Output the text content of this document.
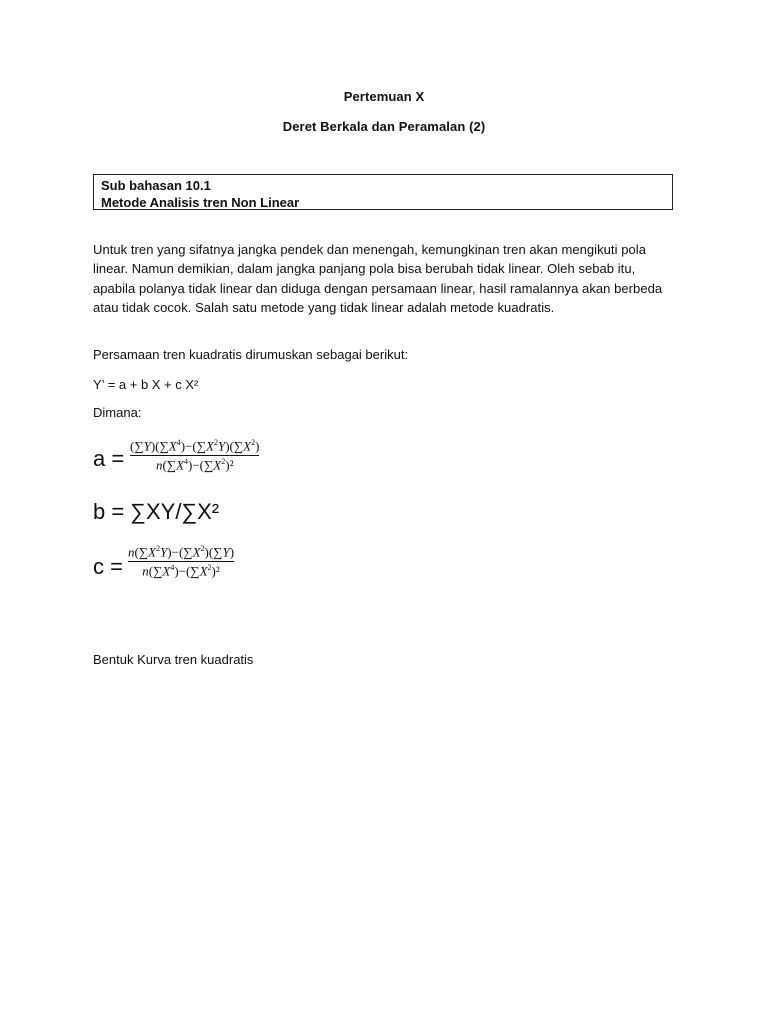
Pertemuan X
Deret Berkala dan Peramalan (2)
Sub bahasan 10.1
Metode Analisis tren Non Linear
Untuk tren yang sifatnya jangka pendek dan menengah, kemungkinan tren akan mengikuti pola linear. Namun demikian, dalam jangka panjang pola bisa berubah tidak linear. Oleh sebab itu, apabila polanya tidak linear dan diduga dengan persamaan linear, hasil ramalannya akan berbeda atau tidak cocok. Salah satu metode yang tidak linear adalah metode kuadratis.
Persamaan tren kuadratis dirumuskan sebagai berikut:
Y’ = a + b X + c X²
Dimana:
a =
$(\sum Y)(\sum X^4)-(\sum X^2Y)(\sum X^2)$
$n(\sum X^4)-(\sum X^2)^2$
b = ∑XY/∑X²
c =
$n(\sum X^2Y)-(\sum X^2)(\sum Y)$
$n(\sum X^4)-(\sum X^2)^2$
Bentuk Kurva tren kuadratis
